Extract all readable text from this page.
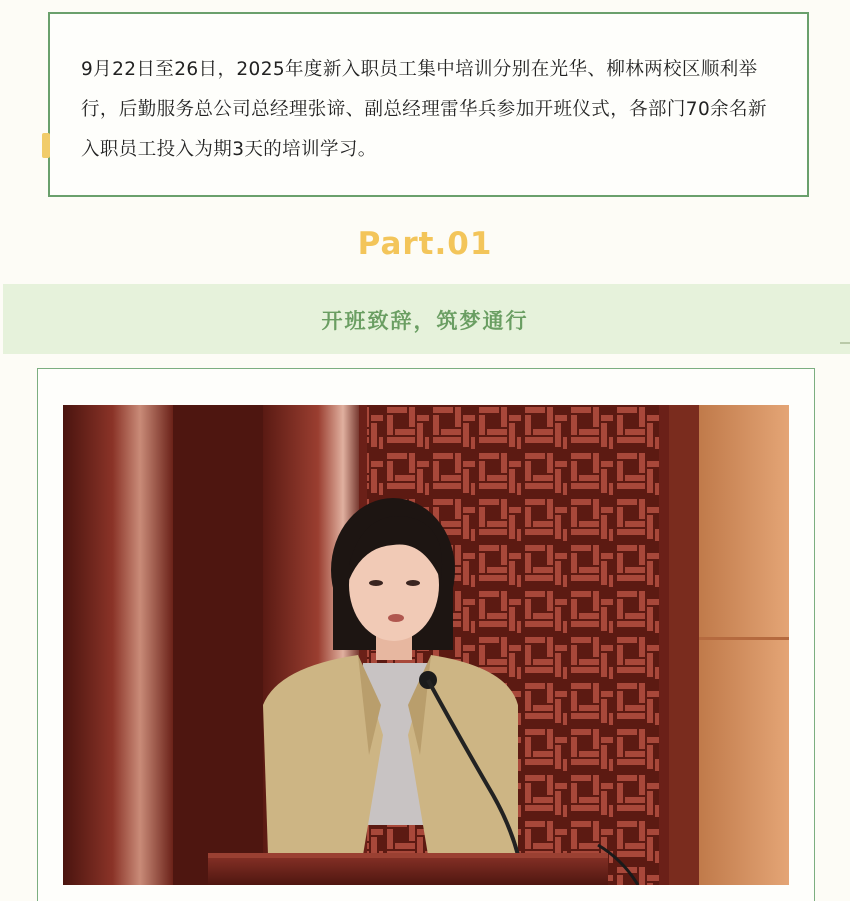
9月22日至26日，2025年度新入职员工集中培训分别在光华、柳林两校区顺利举行，后勤服务总公司总经理张谛、副总经理雷华兵参加开班仪式，各部门70余名新入职员工投入为期3天的培训学习。

Part.01
开班致辞，筑梦通行
